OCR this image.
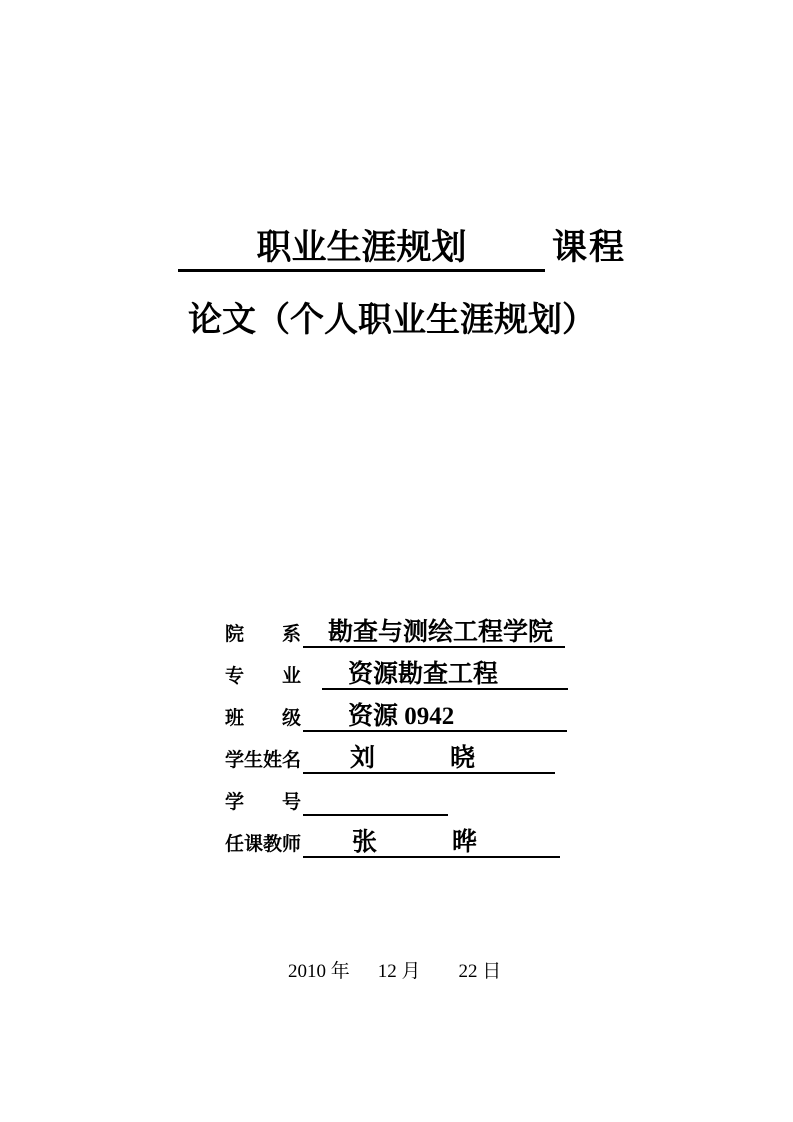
职业生涯规划 课程
论文（个人职业生涯规划）
院　　系	勘查与测绘工程学院
专　　业	资源勘查工程
班　　级	资源 0942
学生姓名	刘　　　晓
学　　号
任课教师	张　　　晔
2010 年 12 月 22 日
